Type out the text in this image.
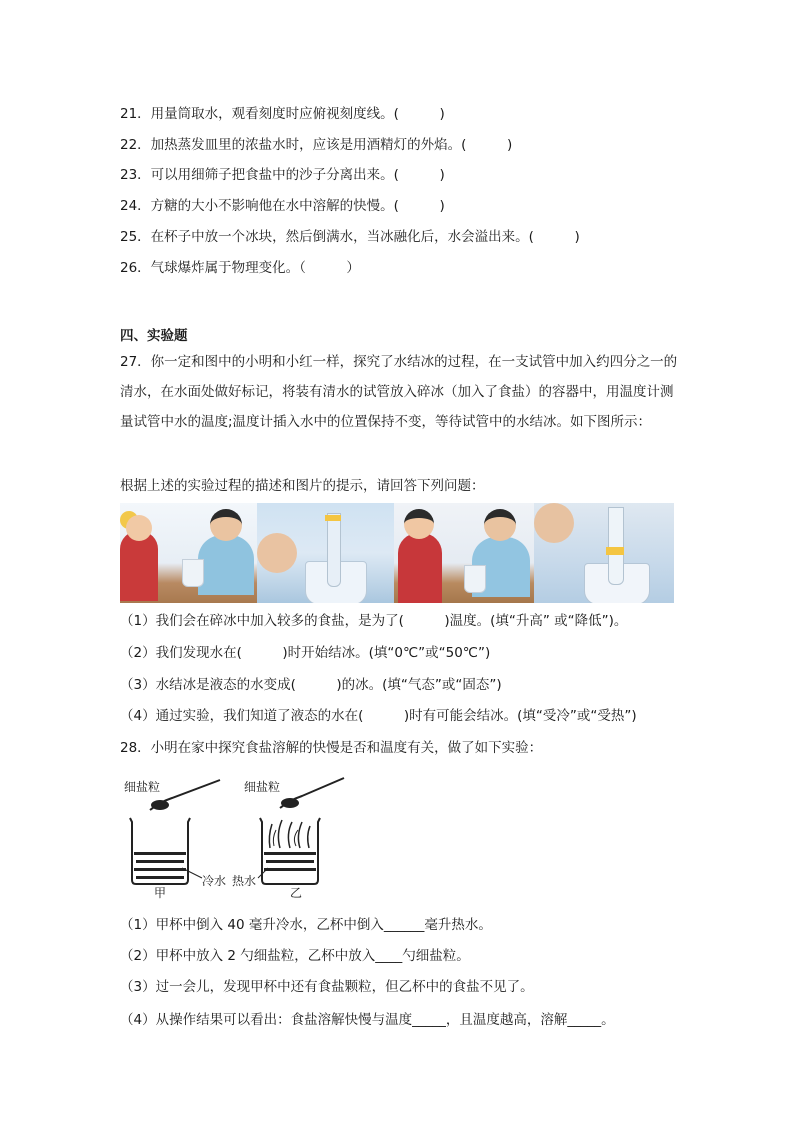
21．用量筒取水，观看刻度时应俯视刻度线。(　　　)
22．加热蒸发皿里的浓盐水时，应该是用酒精灯的外焰。(　　　)
23．可以用细筛子把食盐中的沙子分离出来。(　　　)
24．方糖的大小不影响他在水中溶解的快慢。(　　　)
25．在杯子中放一个冰块，然后倒满水，当冰融化后，水会溢出来。(　　　)
26．气球爆炸属于物理变化。（　　　）
四、实验题
27．你一定和图中的小明和小红一样，探究了水结冰的过程，在一支试管中加入约四分之一的清水，在水面处做好标记，将装有清水的试管放入碎冰（加入了食盐）的容器中，用温度计测量试管中水的温度;温度计插入水中的位置保持不变，等待试管中的水结冰。如下图所示：
根据上述的实验过程的描述和图片的提示，请回答下列问题：
（1）我们会在碎冰中加入较多的食盐，是为了(　　　)温度。(填“升高” 或“降低”)。
（2）我们发现水在(　　　)时开始结冰。(填“0℃”或“50℃”)
（3）水结冰是液态的水变成(　　　)的冰。(填“气态”或“固态”)
（4）通过实验，我们知道了液态的水在(　　　)时有可能会结冰。(填“受冷”或“受热”)
28．小明在家中探究食盐溶解的快慢是否和温度有关，做了如下实验：
细盐粒	细盐粒
冷水 热水
甲	乙
（1）甲杯中倒入 40 毫升冷水，乙杯中倒入______毫升热水。
（2）甲杯中放入 2 勺细盐粒，乙杯中放入____勺细盐粒。
（3）过一会儿，发现甲杯中还有食盐颗粒，但乙杯中的食盐不见了。
（4）从操作结果可以看出：食盐溶解快慢与温度_____，且温度越高，溶解_____。
